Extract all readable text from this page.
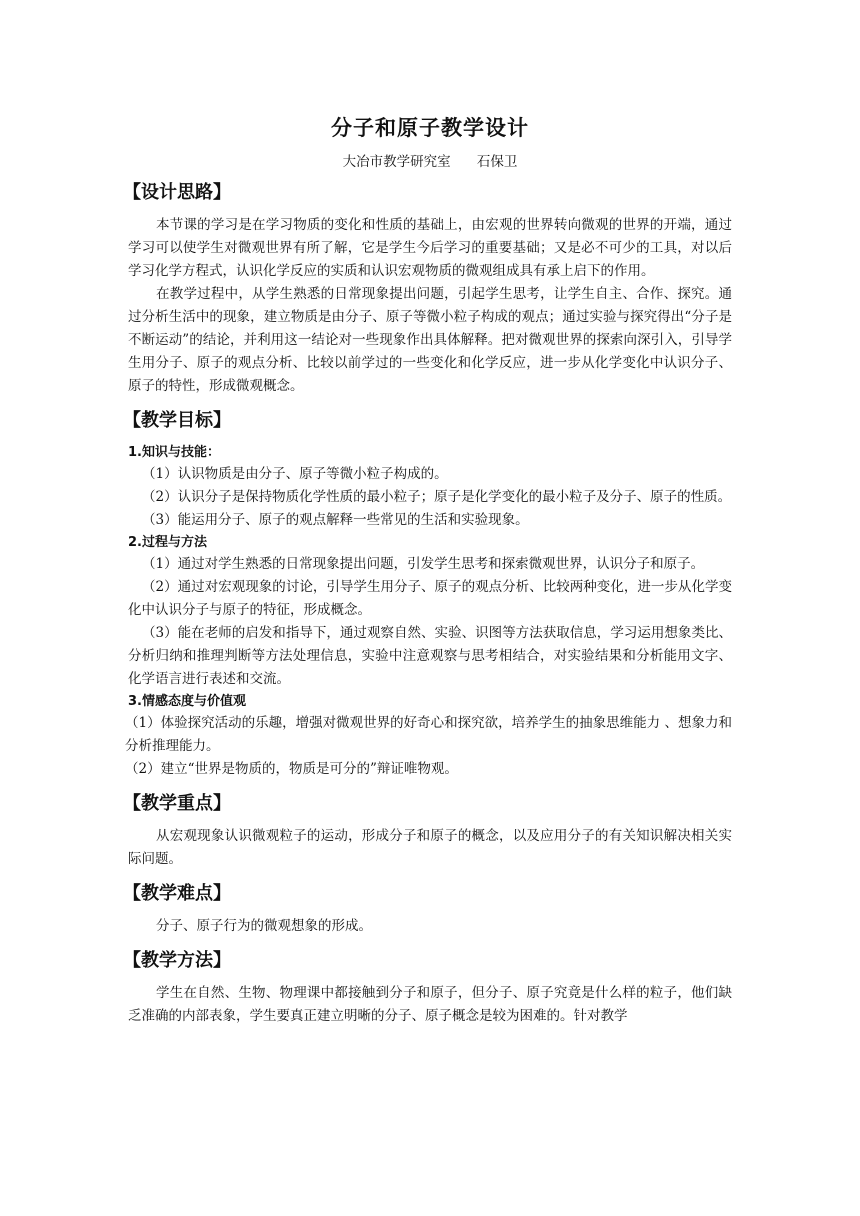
分子和原子教学设计
大冶市教学研究室 石保卫
【设计思路】

本节课的学习是在学习物质的变化和性质的基础上，由宏观的世界转向微观的世界的开端，通过学习可以使学生对微观世界有所了解，它是学生今后学习的重要基础；又是必不可少的工具，对以后学习化学方程式，认识化学反应的实质和认识宏观物质的微观组成具有承上启下的作用。

在教学过程中，从学生熟悉的日常现象提出问题，引起学生思考，让学生自主、合作、探究。通过分析生活中的现象，建立物质是由分子、原子等微小粒子构成的观点；通过实验与探究得出“分子是不断运动”的结论，并利用这一结论对一些现象作出具体解释。把对微观世界的探索向深引入，引导学生用分子、原子的观点分析、比较以前学过的一些变化和化学反应，进一步从化学变化中认识分子、原子的特性，形成微观概念。

【教学目标】
1.知识与技能：

（1）认识物质是由分子、原子等微小粒子构成的。

（2）认识分子是保持物质化学性质的最小粒子；原子是化学变化的最小粒子及分子、原子的性质。

（3）能运用分子、原子的观点解释一些常见的生活和实验现象。

2.过程与方法

（1）通过对学生熟悉的日常现象提出问题，引发学生思考和探索微观世界，认识分子和原子。

（2）通过对宏观现象的讨论，引导学生用分子、原子的观点分析、比较两种变化，进一步从化学变化中认识分子与原子的特征，形成概念。

（3）能在老师的启发和指导下，通过观察自然、实验、识图等方法获取信息，学习运用想象类比、分析归纳和推理判断等方法处理信息，实验中注意观察与思考相结合，对实验结果和分析能用文字、化学语言进行表述和交流。

3.情感态度与价值观

（1）体验探究活动的乐趣，增强对微观世界的好奇心和探究欲，培养学生的抽象思维能力 、想象力和分析推理能力。

（2）建立“世界是物质的，物质是可分的”辩证唯物观。

【教学重点】

从宏观现象认识微观粒子的运动，形成分子和原子的概念，以及应用分子的有关知识解决相关实际问题。

【教学难点】

分子、原子行为的微观想象的形成。

【教学方法】

学生在自然、生物、物理课中都接触到分子和原子，但分子、原子究竟是什么样的粒子，他们缺乏准确的内部表象，学生要真正建立明晰的分子、原子概念是较为困难的。针对教学
